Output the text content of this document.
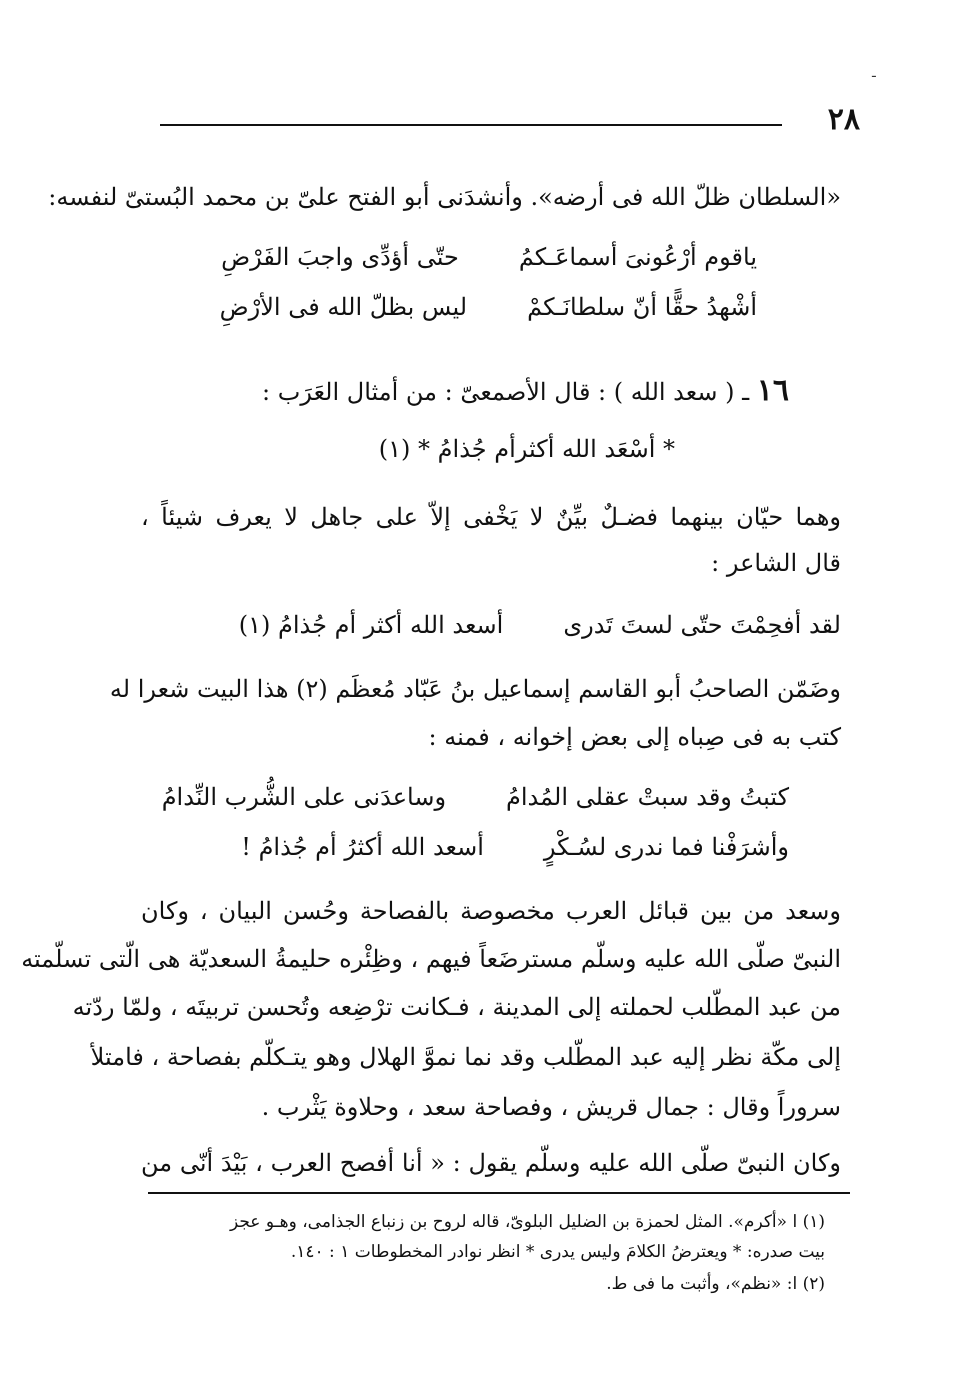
ـ
٢٨
«السلطان ظلّ الله فى أرضه». وأنشدَنى أبو الفتح علىّ بن محمد البُستىّ لنفسه:
ياقوم أرْعُونىَ أسماعَـكمُ
حتّى أؤدِّى واجبَ الفَرْضِ
أشْهدُ حقًّا أنّ سلطانَـكمْ
ليس بظلّ الله فى الأرْضِ
١٦ ـ ( سعد الله ) : قال الأصمعىّ : من أمثال العَرَب :
* أسْعَد الله أكثرأم جُذامُ * (١)
وهما حيّان بينهما فضـلٌ بيِّنٌ لا يَخْفى إلاّ على جاهل لا يعرف شيئاً ،
قال الشاعر :
لقد أفحِمْتَ حتّى لستَ تَدرى
أسعد الله أكثر أم جُذامُ (١)
وضَمّن الصاحبُ أبو القاسم إسماعيل بنُ عَبّاد مُعظَم (٢) هذا البيت شعرا له
كتب به فى صِباه إلى بعض إخوانه ، فمنه :
كتبتُ وقد سبتْ عقلى المُدامُ
وساعدَنى على الشُّرب النِّدامُ
وأشرَفْنا فما ندرى لسُـكْرٍ
أسعد الله أكثرُ أم جُذامُ !
وسعد من بين قبائل العرب مخصوصة بالفصاحة وحُسن البيان ، وكان
النبىّ صلّى الله عليه وسلّم مسترضَعاً فيهم ، وظِئْره حليمةُ السعديّة هى الّتى تسلّمته
من عبد المطّلب لحملته إلى المدينة ، فـكانت ترْضِعه وتُحسن تربيتَه ، ولمّا ردّته
إلى مكّة نظر إليه عبد المطّلب وقد نما نموَّ الهلال وهو يتـكلّم بفصاحة ، فامتلأ
سروراً وقال : جمال قريش ، وفصاحة سعد ، وحلاوة يَثْرب .
وكان النبىّ صلّى الله عليه وسلّم يقول : « أنا أفصح العرب ، بَيْدَ أنّى من
(١) ا «أكرم». المثل لحمزة بن الضليل البلوىّ، قاله لروح بن زنباع الجذامى، وهـو عجز
بيت صدره: * ويعترضُ الكلامَ وليس يدرى * انظر نوادر المخطوطات ١ : ١٤٠.
(٢) ا: «نظم»، وأثبت ما فى ط.
